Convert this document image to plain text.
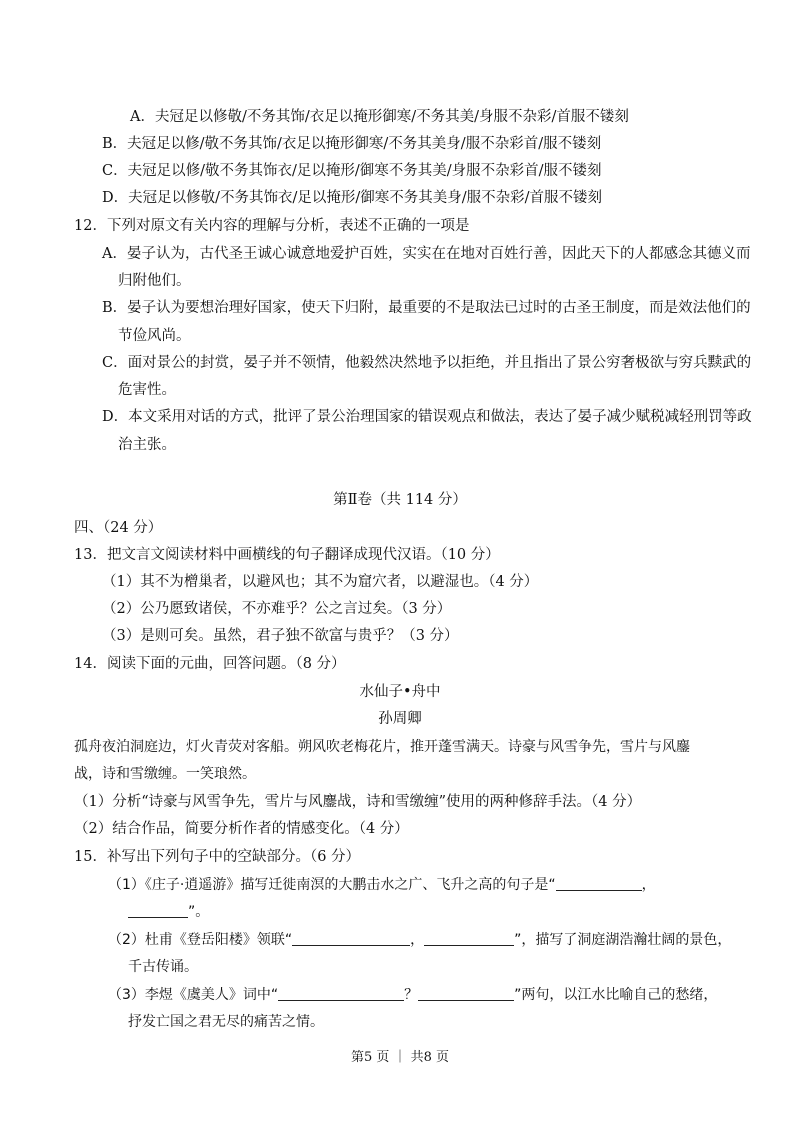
A．夫冠足以修敬/不务其饰/衣足以掩形御寒/不务其美/身服不杂彩/首服不镂刻
B．夫冠足以修/敬不务其饰/衣足以掩形御寒/不务其美身/服不杂彩首/服不镂刻
C．夫冠足以修/敬不务其饰衣/足以掩形/御寒不务其美/身服不杂彩首/服不镂刻
D．夫冠足以修敬/不务其饰衣/足以掩形/御寒不务其美身/服不杂彩/首服不镂刻
12．下列对原文有关内容的理解与分析，表述不正确的一项是
A．晏子认为，古代圣王诚心诚意地爱护百姓，实实在在地对百姓行善，因此天下的人都感念其德义而
归附他们。
B．晏子认为要想治理好国家，使天下归附，最重要的不是取法已过时的古圣王制度，而是效法他们的
节俭风尚。
C．面对景公的封赏，晏子并不领情，他毅然决然地予以拒绝，并且指出了景公穷奢极欲与穷兵黩武的
危害性。
D．本文采用对话的方式，批评了景公治理国家的错误观点和做法，表达了晏子减少赋税减轻刑罚等政
治主张。
第Ⅱ卷（共 114 分）
四、（24 分）
13．把文言文阅读材料中画横线的句子翻译成现代汉语。（10 分）
（1）其不为橧巢者，以避风也；其不为窟穴者，以避湿也。（4 分）
（2）公乃愿致诸侯，不亦难乎？公之言过矣。（3 分）
（3）是则可矣。虽然，君子独不欲富与贵乎？（3 分）
14．阅读下面的元曲，回答问题。（8 分）
水仙子•舟中
孙周卿
孤舟夜泊洞庭边，灯火青荧对客船。朔风吹老梅花片，推开蓬雪满天。诗豪与风雪争先，雪片与风鏖
战，诗和雪缴缠。一笑琅然。
（1）分析“诗豪与风雪争先，雪片与风鏖战，诗和雪缴缠”使用的两种修辞手法。（4 分）
（2）结合作品，简要分析作者的情感变化。（4 分）
15．补写出下列句子中的空缺部分。（6 分）
（1）《庄子·逍遥游》描写迁徙南溟的大鹏击水之广、飞升之高的句子是“	，
”。
（2）杜甫《登岳阳楼》领联“	，	”，描写了洞庭湖浩瀚壮阔的景色，
千古传诵。
（3）李煜《虞美人》词中“	？	”两句，以江水比喻自己的愁绪，
抒发亡国之君无尽的痛苦之情。
第5 页 ｜ 共8 页
